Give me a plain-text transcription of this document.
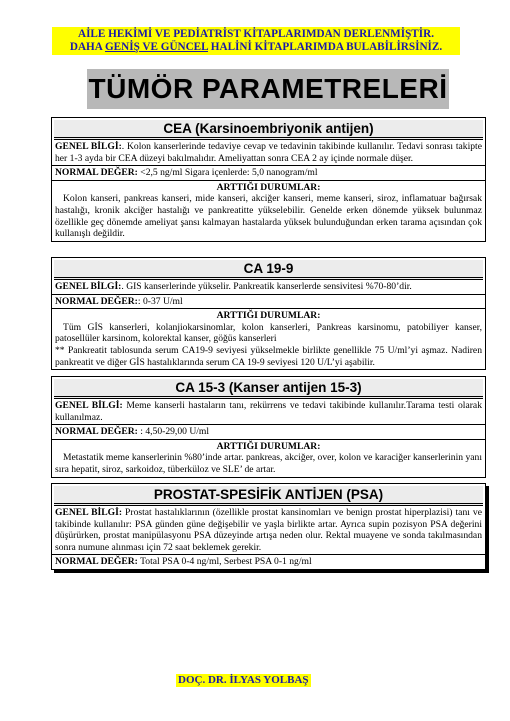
AİLE HEKİMİ VE PEDİATRİST KİTAPLARIMDAN DERLENMİŞTİR.
DAHA GENİŞ VE GÜNCEL HALİNİ KİTAPLARIMDA BULABİLİRSİNİZ.
TÜMÖR PARAMETRELERİ
CEA (Karsinoembriyonik antijen)
GENEL BİLGİ:. Kolon kanserlerinde tedaviye cevap ve tedavinin takibinde kullanılır. Tedavi sonrası takipte her 1-3 ayda bir CEA düzeyi bakılmalıdır. Ameliyattan sonra CEA 2 ay içinde normale düşer.
NORMAL DEĞER: <2,5 ng/ml Sigara içenlerde: 5,0 nanogram/ml
ARTTIĞI DURUMLAR:
Kolon kanseri, pankreas kanseri, mide kanseri, akciğer kanseri, meme kanseri, siroz, inflamatuar bağırsak hastalığı, kronik akciğer hastalığı ve pankreatitte yükselebilir. Genelde erken dönemde yüksek bulunmaz özellikle geç dönemde ameliyat şansı kalmayan hastalarda yüksek bulunduğundan erken tarama açısından çok kullanışlı değildir.
CA 19-9
GENEL BİLGİ:. GIS kanserlerinde yükselir. Pankreatik kanserlerde sensivitesi %70-80’dir.
NORMAL DEĞER:: 0-37 U/ml
ARTTIĞI DURUMLAR:
Tüm GİS kanserleri, kolanjiokarsinomlar, kolon kanserleri, Pankreas karsinomu, patobiliyer kanser, patosellüler karsinom, kolorektal kanser, göğüs kanserleri
** Pankreatit tablosunda serum CA19-9 seviyesi yükselmekle birlikte genellikle 75 U/ml’yi aşmaz. Nadiren pankreatit ve diğer GİS hastalıklarında serum CA 19-9 seviyesi 120 U/L’yi aşabilir.
CA 15-3 (Kanser antijen 15-3)
GENEL BİLGİ: Meme kanserli hastaların tanı, rekürrens ve tedavi takibinde kullanılır.Tarama testi olarak kullanılmaz.
NORMAL DEĞER: : 4,50-29,00 U/ml
ARTTIĞI DURUMLAR:
Metastatik meme kanserlerinin %80’inde artar. pankreas, akciğer, over, kolon ve karaciğer kanserlerinin yanı sıra hepatit, siroz, sarkoidoz, tüberküloz ve SLE’ de artar.
PROSTAT-SPESİFİK ANTİJEN (PSA)
GENEL BİLGİ: Prostat hastalıklarının (özellikle prostat kansinomları ve benign prostat hiperplazisi) tanı ve takibinde kullanılır: PSA günden güne değişebilir ve yaşla birlikte artar. Ayrıca supin pozisyon PSA değerini düşürürken, prostat manipülasyonu PSA düzeyinde artışa neden olur. Rektal muayene ve sonda takılmasından sonra numune alınması için 72 saat beklemek gerekir.
NORMAL DEĞER: Total PSA 0-4 ng/ml, Serbest PSA 0-1 ng/ml
DOÇ. DR. İLYAS YOLBAŞ
